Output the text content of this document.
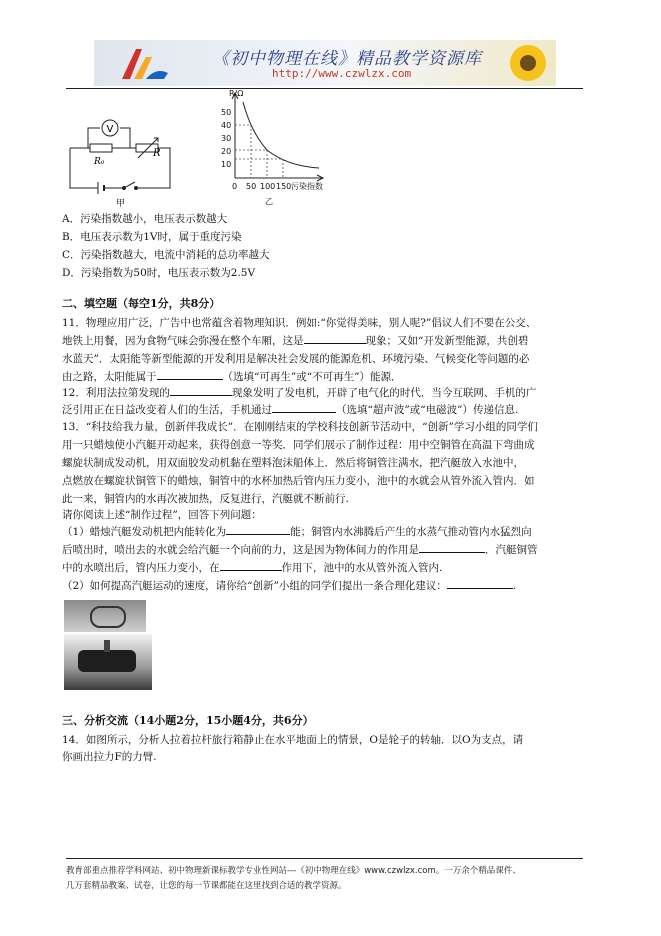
《初中物理在线》精品教学资源库
http://www.czwlzx.com
V
R₀
R
甲
R/Ω
50
40
30
20
10
0 50 100 150 污染指数
乙
A．污染指数越小，电压表示数越大
B．电压表示数为1V时，属于重度污染
C．污染指数越大，电流中消耗的总功率越大
D．污染指数为50时，电压表示数为2.5V
二、填空题（每空1分，共8分）
11．物理应用广泛，广告中也常蕴含着物理知识．例如:“你觉得美味，别人呢?”倡议人们不要在公交、
地铁上用餐，因为食物气味会弥漫在整个车厢，这是	现象；又如“开发新型能源，共创碧
水蓝天”．太阳能等新型能源的开发利用是解决社会发展的能源危机、环境污染、气候变化等问题的必
由之路，太阳能属于	（选填“可再生”或“不可再生”）能源．
12．利用法拉第发现的	现象发明了发电机，开辟了电气化的时代．当今互联网、手机的广
泛引用正在日益改变着人们的生活，手机通过	（选填“超声波”或“电磁波”）传递信息.
13．“科技给我力量，创新伴我成长”．在刚刚结束的学校科技创新节活动中，“创新”学习小组的同学们
用一只蜡烛使小汽艇开动起来，获得创意一等奖．同学们展示了制作过程：用中空铜管在高温下弯曲成
螺旋状制成发动机，用双面胶发动机黏在塑料泡沫船体上．然后将铜管注满水，把汽艇放入水池中，
点燃放在螺旋状铜管下的蜡烛，铜管中的水杯加热后管内压力变小，池中的水就会从管外流入管内．如
此一来，铜管内的水再次被加热，反复进行，汽艇就不断前行.
请你阅读上述“制作过程”，回答下列问题：
（1）蜡烛汽艇发动机把内能转化为	能；铜管内水沸腾后产生的水蒸气推动管内水猛烈向
后喷出时，喷出去的水就会给汽艇一个向前的力，这是因为物体间力的作用是	．汽艇铜管
中的水喷出后，管内压力变小，在	作用下，池中的水从管外流入管内.
（2）如何提高汽艇运动的速度，请你给“创新”小组的同学们提出一条合理化建议：	.
三、分析交流（14小题2分，15小题4分，共6分）
14．如图所示，分析人拉着拉杆旅行箱静止在水平地面上的情景，O是轮子的转轴．以O为支点，请
你画出拉力F的力臂.
教育部重点推荐学科网站、初中物理新课标教学专业性网站---《初中物理在线》www.czwlzx.com。一万余个精品课件、
几万套精品教案、试卷，让您的每一节课都能在这里找到合适的教学资源。
